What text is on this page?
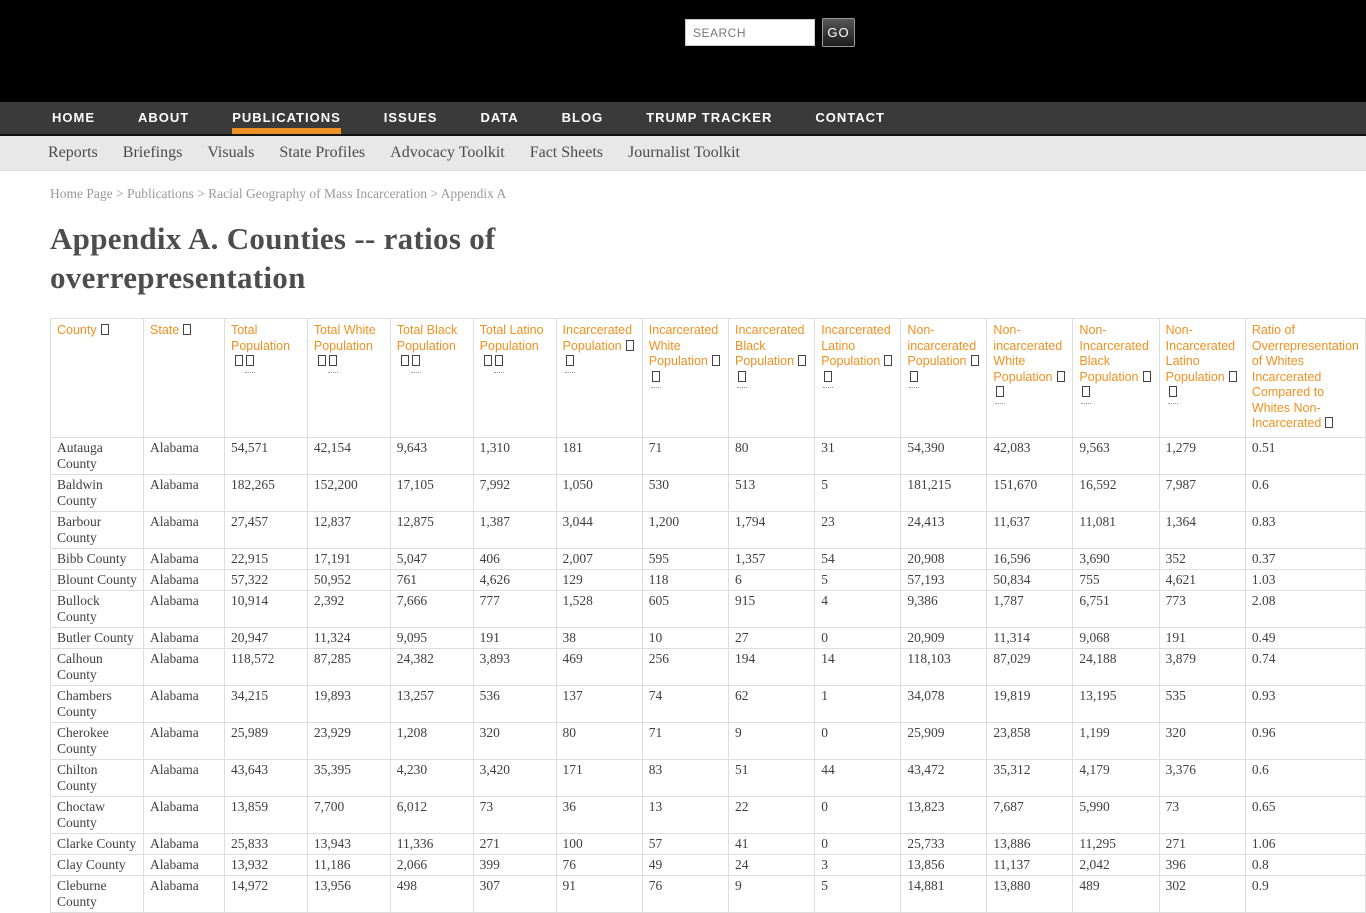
SEARCH
GO
HOME	ABOUT	PUBLICATIONS	ISSUES	DATA	BLOG	TRUMP TRACKER	CONTACT
Reports Briefings Visuals State Profiles Advocacy Toolkit Fact Sheets Journalist Toolkit
Home Page > Publications > Racial Geography of Mass Incarceration > Appendix A
Appendix A. Counties -- ratios of overrepresentation
County	State	Total Population	Total White Population	Total Black Population	Total Latino Population	Incarcerated Population	Incarcerated White Population	Incarcerated Black Population	Incarcerated Latino Population	Non-incarcerated Population	Non-incarcerated White Population	Non-Incarcerated Black Population	Non-Incarcerated Latino Population	Ratio of Overrepresentation of Whites Incarcerated Compared to Whites Non-Incarcerated
Autauga County	Alabama	54,571	42,154	9,643	1,310	181	71	80	31	54,390	42,083	9,563	1,279	0.51
Baldwin County	Alabama	182,265	152,200	17,105	7,992	1,050	530	513	5	181,215	151,670	16,592	7,987	0.6
Barbour County	Alabama	27,457	12,837	12,875	1,387	3,044	1,200	1,794	23	24,413	11,637	11,081	1,364	0.83
Bibb County	Alabama	22,915	17,191	5,047	406	2,007	595	1,357	54	20,908	16,596	3,690	352	0.37
Blount County	Alabama	57,322	50,952	761	4,626	129	118	6	5	57,193	50,834	755	4,621	1.03
Bullock County	Alabama	10,914	2,392	7,666	777	1,528	605	915	4	9,386	1,787	6,751	773	2.08
Butler County	Alabama	20,947	11,324	9,095	191	38	10	27	0	20,909	11,314	9,068	191	0.49
Calhoun County	Alabama	118,572	87,285	24,382	3,893	469	256	194	14	118,103	87,029	24,188	3,879	0.74
Chambers County	Alabama	34,215	19,893	13,257	536	137	74	62	1	34,078	19,819	13,195	535	0.93
Cherokee County	Alabama	25,989	23,929	1,208	320	80	71	9	0	25,909	23,858	1,199	320	0.96
Chilton County	Alabama	43,643	35,395	4,230	3,420	171	83	51	44	43,472	35,312	4,179	3,376	0.6
Choctaw County	Alabama	13,859	7,700	6,012	73	36	13	22	0	13,823	7,687	5,990	73	0.65
Clarke County	Alabama	25,833	13,943	11,336	271	100	57	41	0	25,733	13,886	11,295	271	1.06
Clay County	Alabama	13,932	11,186	2,066	399	76	49	24	3	13,856	11,137	2,042	396	0.8
Cleburne County	Alabama	14,972	13,956	498	307	91	76	9	5	14,881	13,880	489	302	0.9
